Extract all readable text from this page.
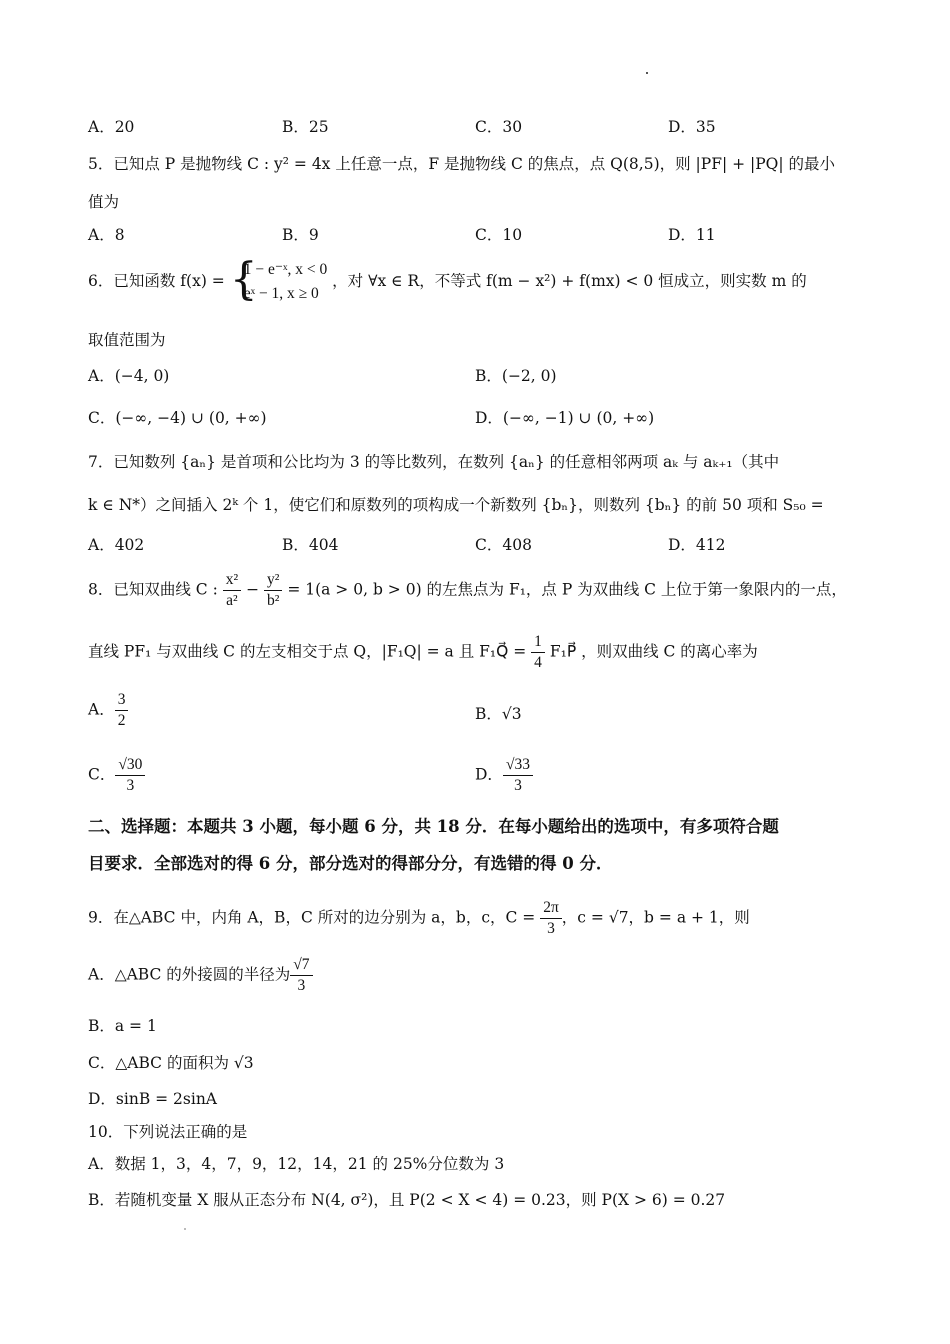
A．20	B．25	C．30	D．35
5．已知点 P 是抛物线 C : y² = 4x 上任意一点，F 是抛物线 C 的焦点，点 Q(8,5)，则 |PF| + |PQ| 的最小
值为
A．8	B．9	C．10	D．11
6．已知函数 f(x) = {
1 − e⁻ˣ, x < 0
eˣ − 1, x ≥ 0
，对 ∀x ∈ R，不等式 f(m − x²) + f(mx) < 0 恒成立，则实数 m 的
取值范围为
A．(−4, 0)	B．(−2, 0)
C．(−∞, −4) ∪ (0, +∞)	D．(−∞, −1) ∪ (0, +∞)
7．已知数列 {aₙ} 是首项和公比均为 3 的等比数列，在数列 {aₙ} 的任意相邻两项 aₖ 与 aₖ₊₁（其中
k ∈ N*）之间插入 2ᵏ 个 1，使它们和原数列的项构成一个新数列 {bₙ}，则数列 {bₙ} 的前 50 项和 S₅₀ =
A．402	B．404	C．408	D．412
8．已知双曲线 C : $\frac{\text{x²}}{\text{a²}} - \frac{\text{y²}}{\text{b²}} = 1(a > 0$, b > 0) 的左焦点为 F₁，点 P 为双曲线 C 上位于第一象限内的一点，
直线 PF₁ 与双曲线 C 的左支相交于点 Q，|F₁Q| = a 且 F₁Q⃗ = $\frac{1}{4}$ F₁P⃗ ，则双曲线 C 的离心率为
A． $\frac{3}{2}$	B．√3
C． $\frac{√30}{3}$	D． $\frac{√33}{3}$
二、选择题：本题共 3 小题，每小题 6 分，共 18 分．在每小题给出的选项中，有多项符合题
目要求．全部选对的得 6 分，部分选对的得部分分，有选错的得 0 分．
9．在△ABC 中，内角 A，B，C 所对的边分别为 a，b，c，$C = \frac{2\pi}{3}$ ，c = √7，b = a + 1，则
A．△ABC 的外接圆的半径为 $\frac{√7}{3}$
B．a = 1
C．△ABC 的面积为 √3
D．sinB = 2sinA
10．下列说法正确的是
A．数据 1，3，4，7，9，12，14，21 的 25%分位数为 3
B．若随机变量 X 服从正态分布 N(4, σ²)，且 P(2 < X < 4) = 0.23，则 P(X > 6) = 0.27
